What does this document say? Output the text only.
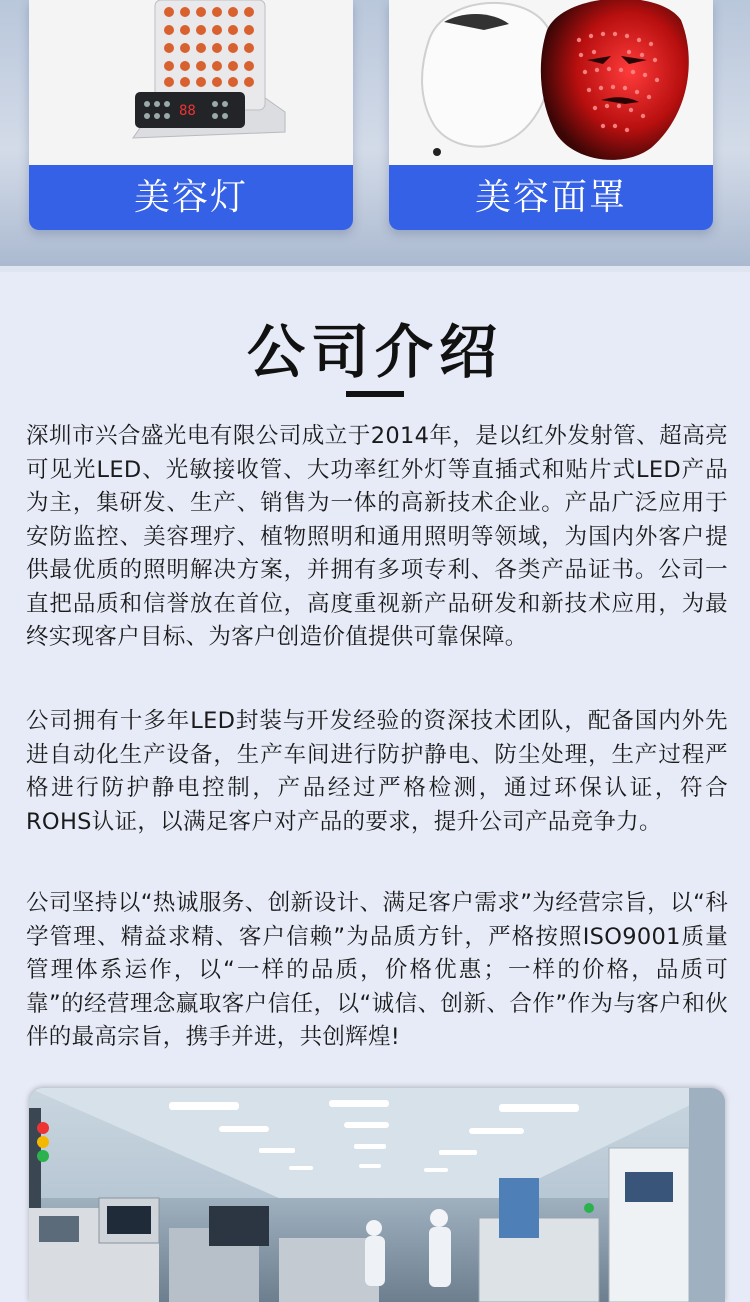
88
美容灯	美容面罩
公司介绍
深圳市兴合盛光电有限公司成立于2014年，是以红外发射管、超高亮可见光LED、光敏接收管、大功率红外灯等直插式和贴片式LED产品为主，集研发、生产、销售为一体的高新技术企业。产品广泛应用于安防监控、美容理疗、植物照明和通用照明等领域，为国内外客户提供最优质的照明解决方案，并拥有多项专利、各类产品证书。公司一直把品质和信誉放在首位，高度重视新产品研发和新技术应用，为最终实现客户目标、为客户创造价值提供可靠保障。
公司拥有十多年LED封装与开发经验的资深技术团队，配备国内外先进自动化生产设备，生产车间进行防护静电、防尘处理，生产过程严格进行防护静电控制，产品经过严格检测，通过环保认证，符合ROHS认证，以满足客户对产品的要求，提升公司产品竞争力。
公司坚持以“热诚服务、创新设计、满足客户需求”为经营宗旨，以“科学管理、精益求精、客户信赖”为品质方针，严格按照ISO9001质量管理体系运作，以“一样的品质，价格优惠；一样的价格，品质可靠”的经营理念赢取客户信任，以“诚信、创新、合作”作为与客户和伙伴的最高宗旨，携手并进，共创辉煌!
